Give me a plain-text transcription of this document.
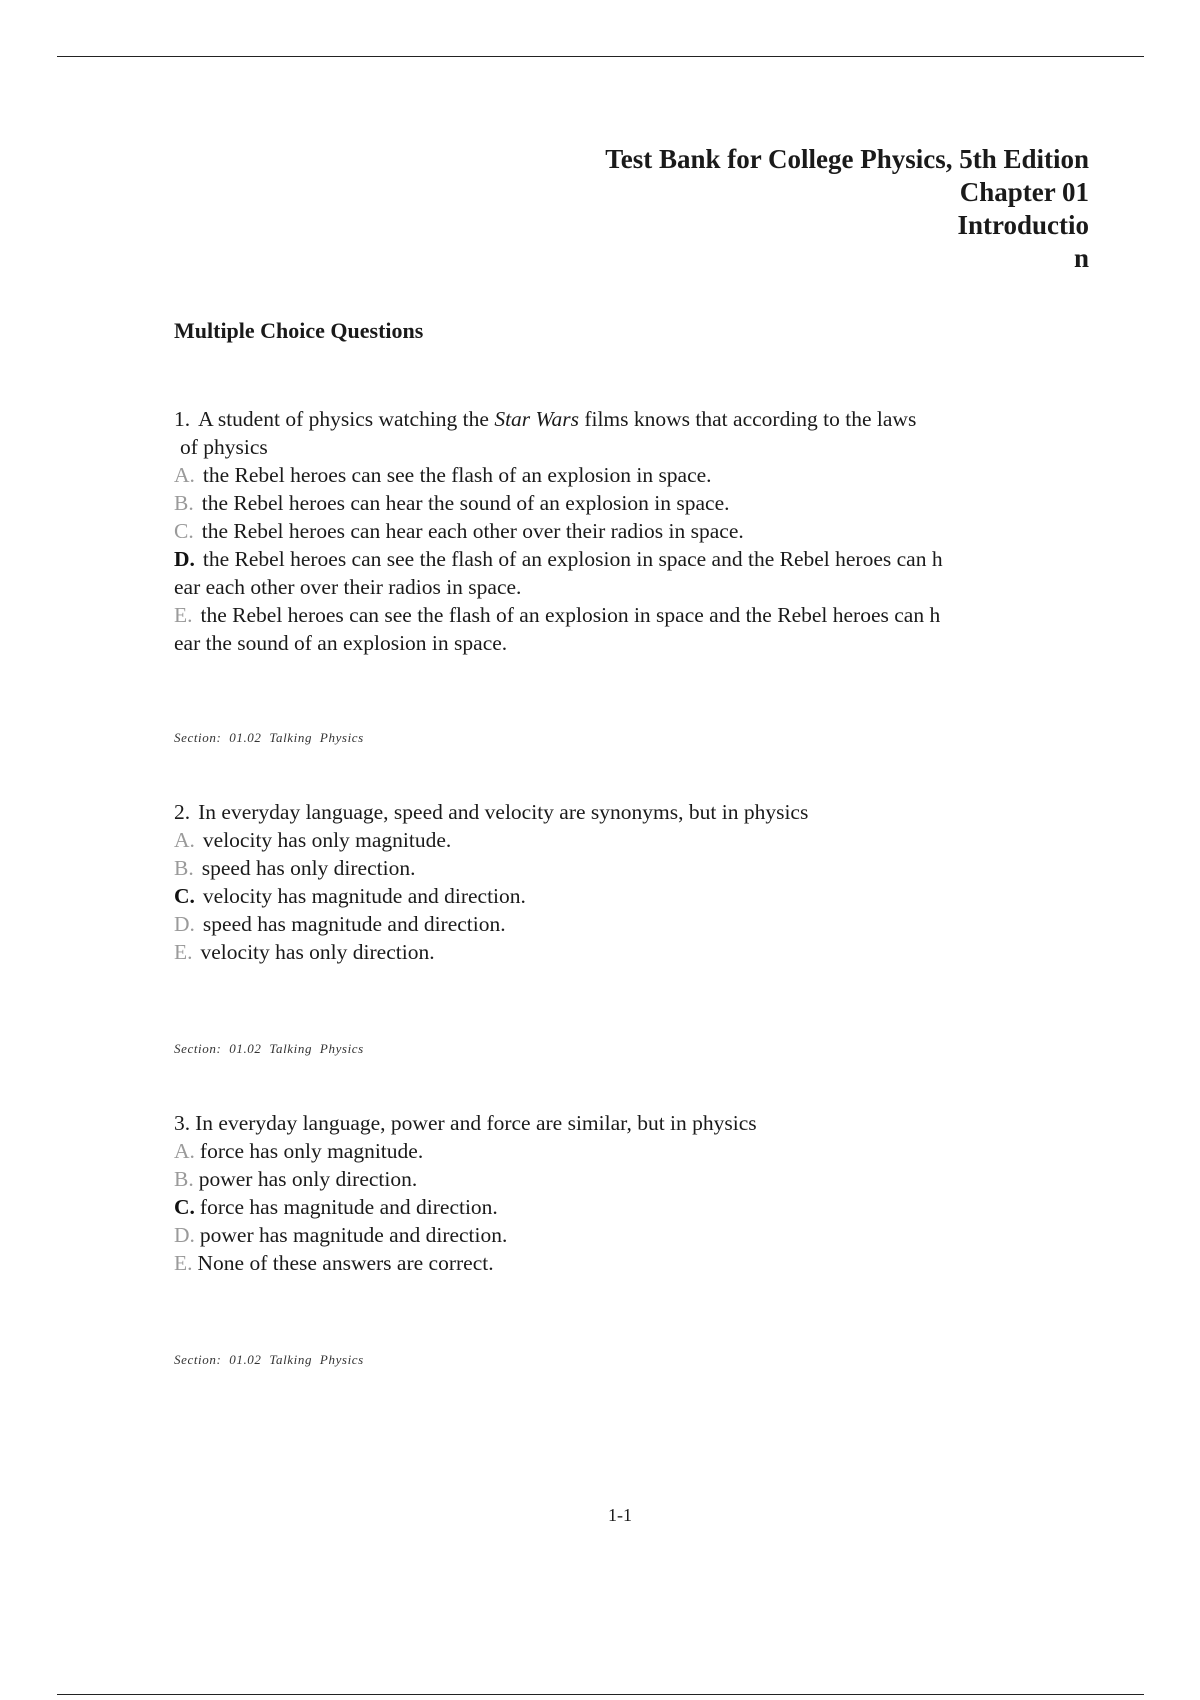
Test Bank for College Physics, 5th Edition
Chapter 01
Introductio
n
Multiple Choice Questions
1. A student of physics watching the Star Wars films knows that according to the laws
of physics
A. the Rebel heroes can see the flash of an explosion in space.
B. the Rebel heroes can hear the sound of an explosion in space.
C. the Rebel heroes can hear each other over their radios in space.
D. the Rebel heroes can see the flash of an explosion in space and the Rebel heroes can h
ear each other over their radios in space.
E. the Rebel heroes can see the flash of an explosion in space and the Rebel heroes can h
ear the sound of an explosion in space.
Section: 01.02 Talking Physics
2. In everyday language, speed and velocity are synonyms, but in physics
A. velocity has only magnitude.
B. speed has only direction.
C. velocity has magnitude and direction.
D. speed has magnitude and direction.
E. velocity has only direction.
Section: 01.02 Talking Physics
3. In everyday language, power and force are similar, but in physics
A. force has only magnitude.
B. power has only direction.
C. force has magnitude and direction.
D. power has magnitude and direction.
E. None of these answers are correct.
Section: 01.02 Talking Physics
1-1
